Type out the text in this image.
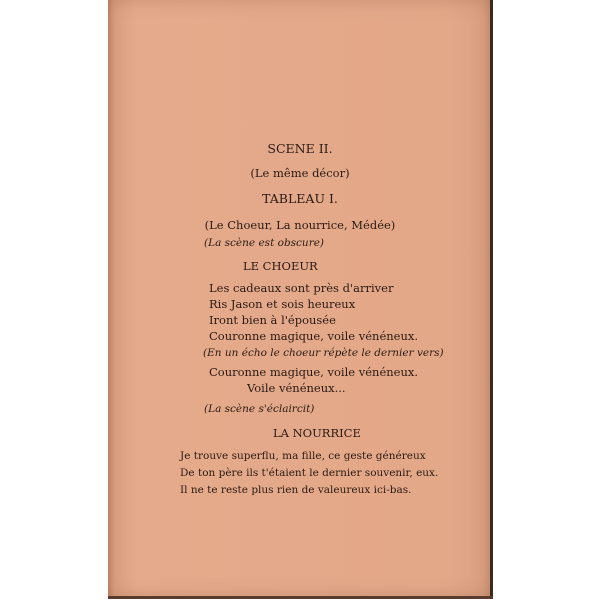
SCENE II.
(Le même décor)
TABLEAU I.
(Le Choeur, La nourrice, Médée)
(La scène est obscure)
LE CHOEUR
Les cadeaux sont près d'arriver
Ris Jason et sois heureux
Iront bien à l'épousée
Couronne magique, voile vénéneux.
(En un écho le choeur répète le dernier vers)
Couronne magique, voile vénéneux.
Voile vénéneux...
(La scène s'éclaircit)
LA NOURRICE
Je trouve superflu, ma fille, ce geste généreux
De ton père ils t'étaient le dernier souvenir, eux.
Il ne te reste plus rien de valeureux ici-bas.
